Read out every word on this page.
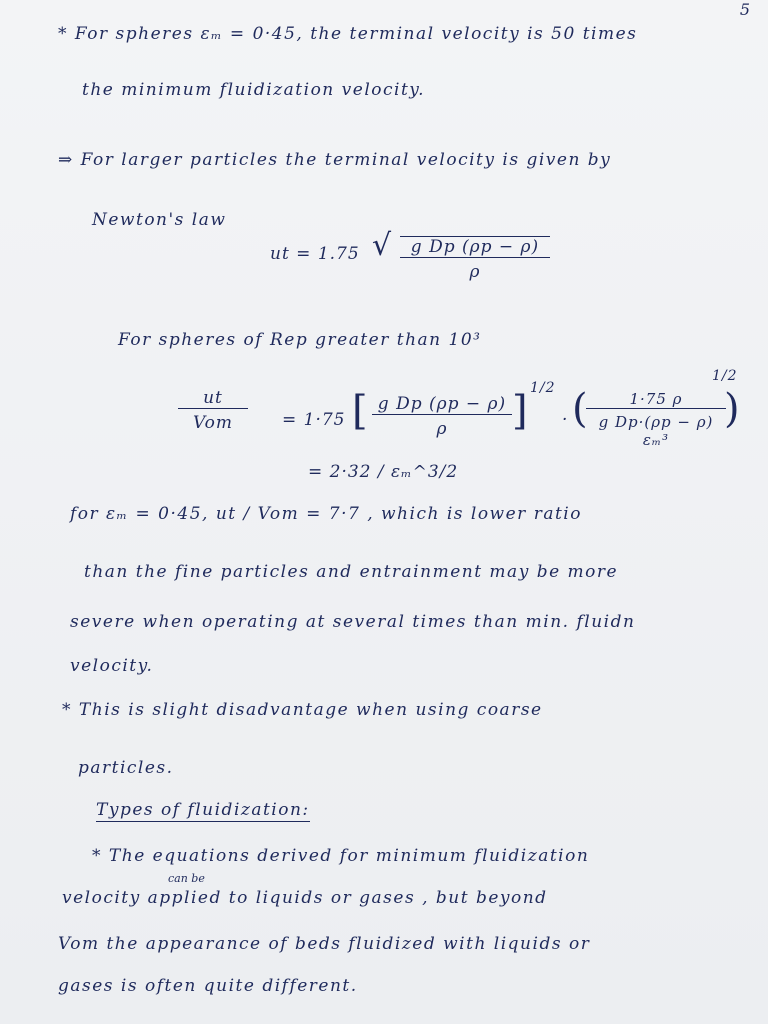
5
* For spheres εₘ = 0·45, the terminal velocity is 50 times
the minimum fluidization velocity.
⇒ For larger particles the terminal velocity is given by
Newton's law
ut = 1.75 √ $\frac{\text{g Dp (ρp − ρ)}}{\rho}$
For spheres of Rep greater than 10³
ut
Vom	= 1·75 [ $\frac{\text{g Dp (ρp − ρ)}}{\rho}$ ] 1/2
· (
$\frac{1\cdot 75 \rho}{\text{g Dp·(ρp − ρ) εₘ³}}$
)
1/2
= 2·32 / εₘ^3/2
for εₘ = 0·45, ut / Vom = 7·7 , which is lower ratio
than the fine particles and entrainment may be more
severe when operating at several times than min. fluidn
velocity.
* This is slight disadvantage when using coarse
particles.
Types of fluidization:
* The equations derived for minimum fluidization
can be
velocity applied to liquids or gases , but beyond
Vom the appearance of beds fluidized with liquids or
gases is often quite different.
